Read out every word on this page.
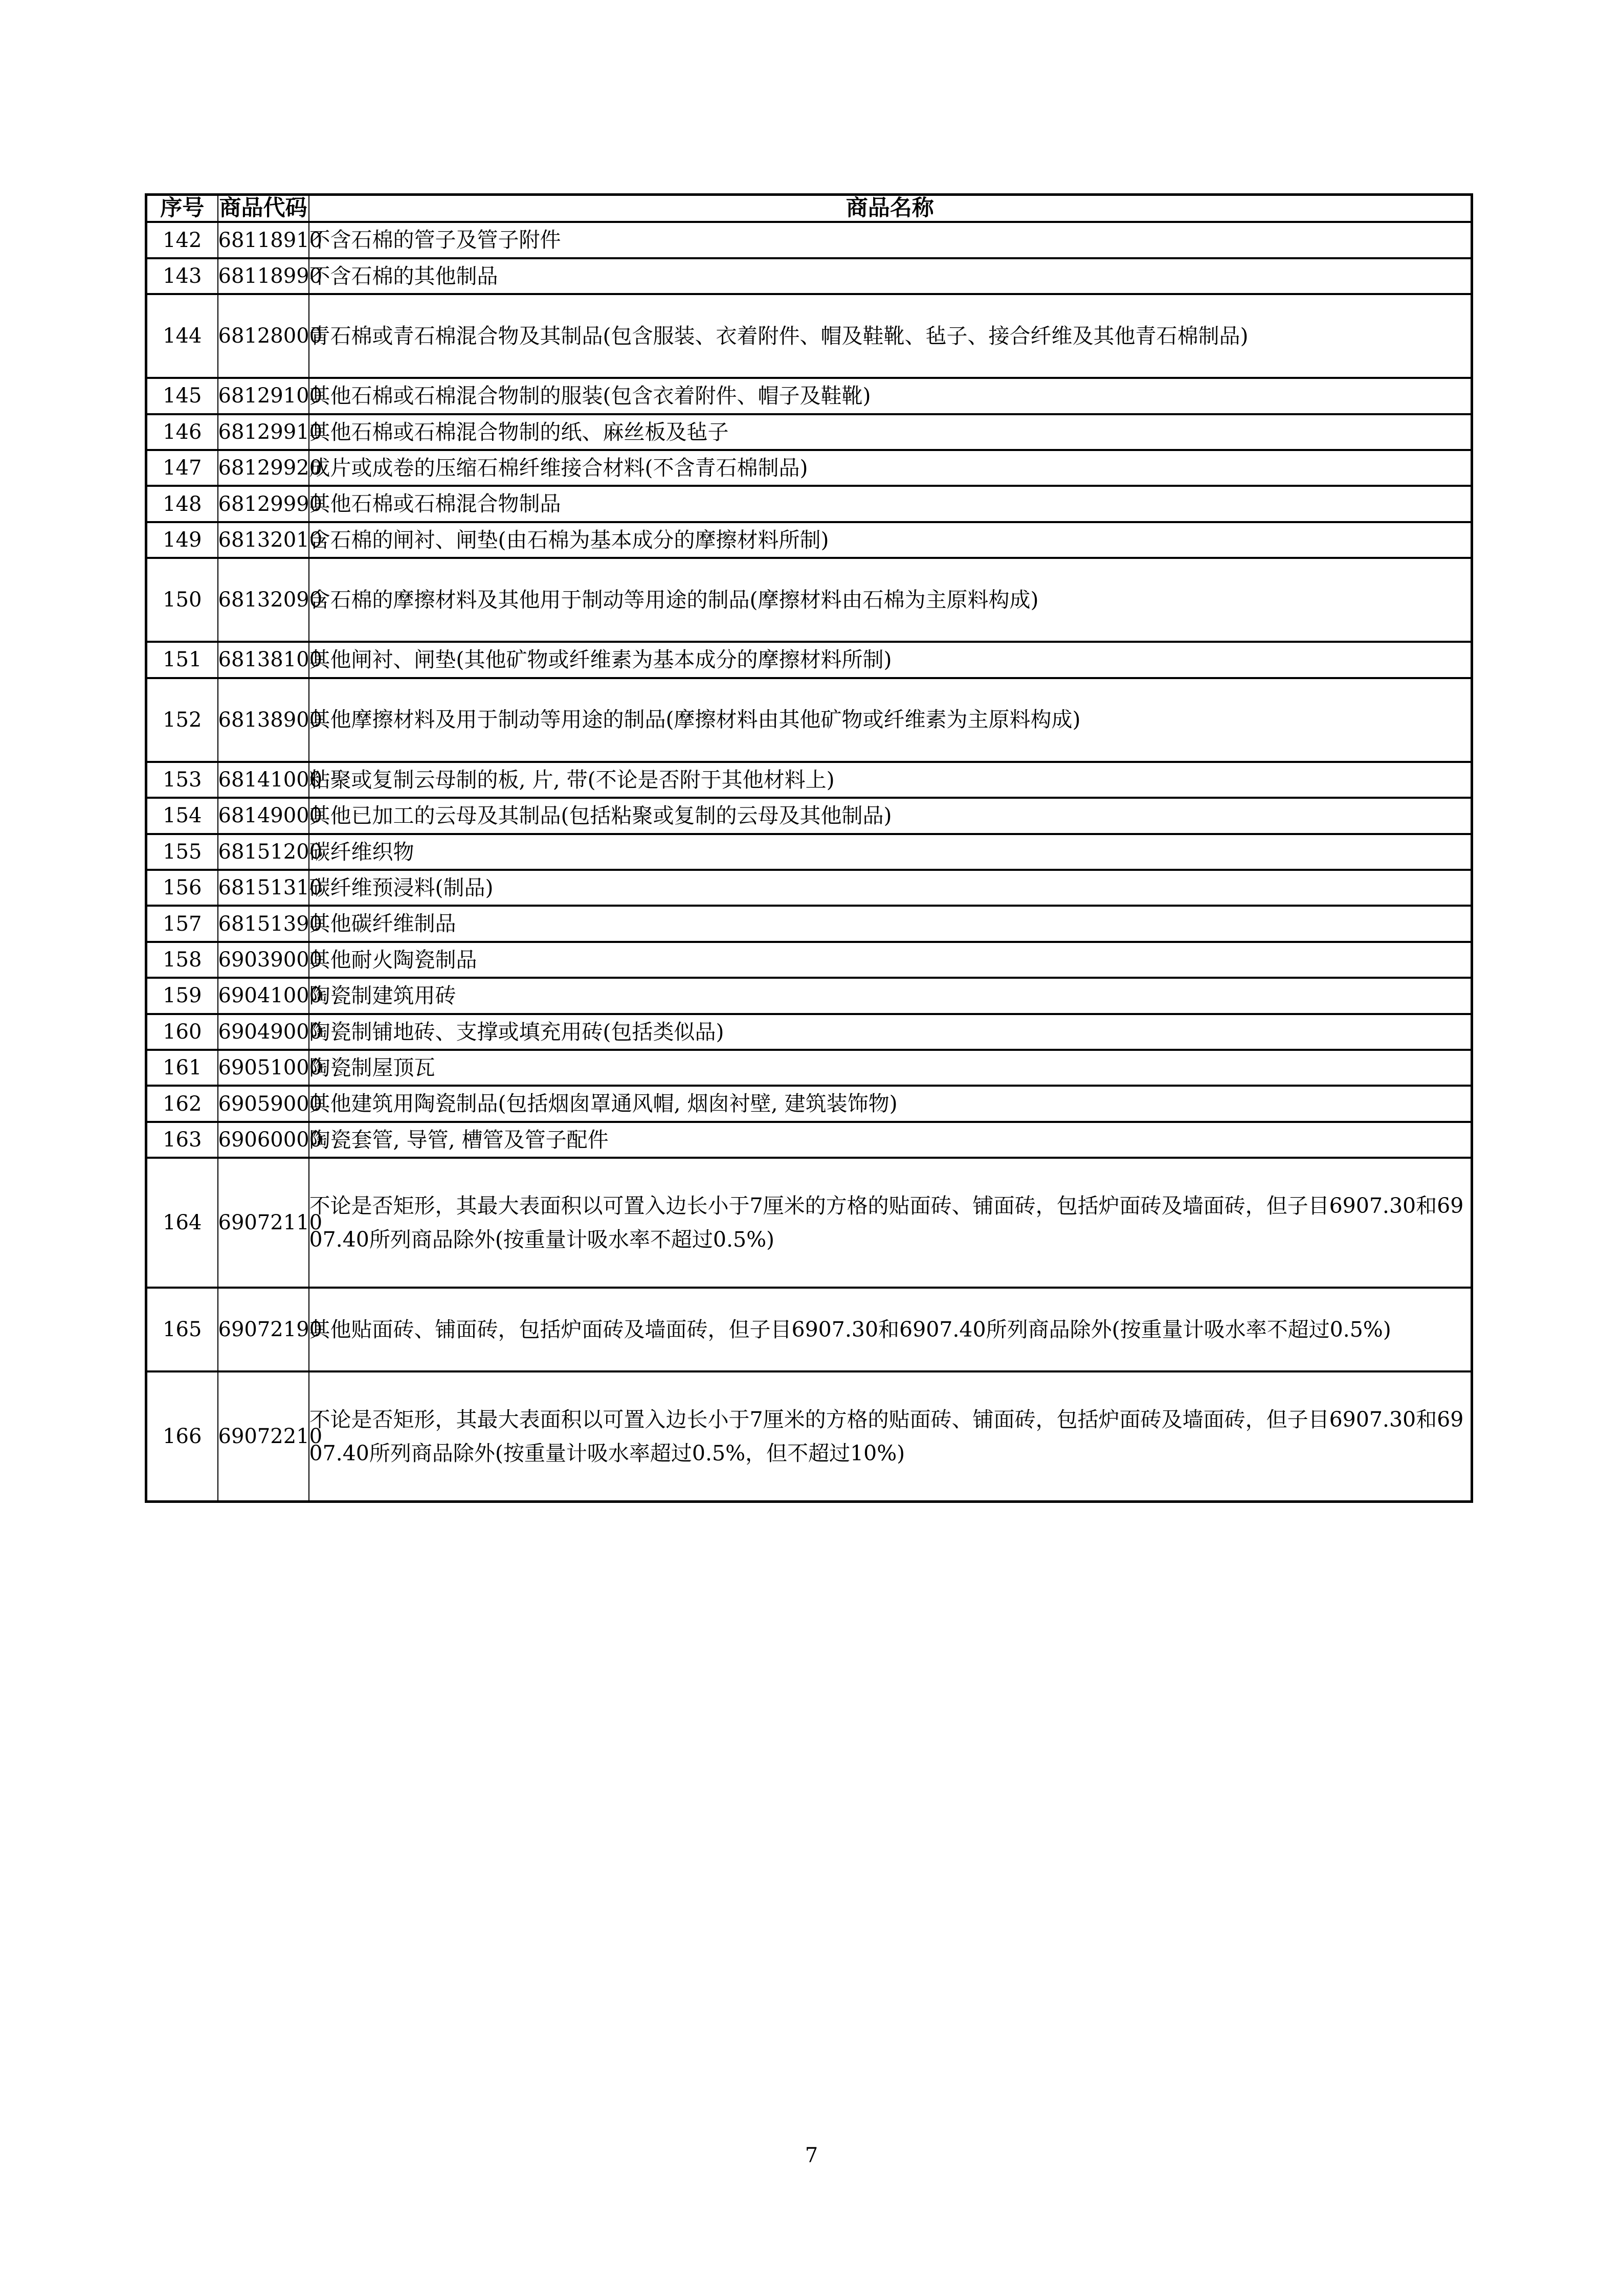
序号	商品代码	商品名称
142	68118910	不含石棉的管子及管子附件

143	68118990	不含石棉的其他制品

144	68128000	青石棉或青石棉混合物及其制品(包含服装、衣着附件、帽及鞋靴、毡子、接合纤维及其他青石棉制品)

145	68129100	其他石棉或石棉混合物制的服装(包含衣着附件、帽子及鞋靴)

146	68129910	其他石棉或石棉混合物制的纸、麻丝板及毡子

147	68129920	成片或成卷的压缩石棉纤维接合材料(不含青石棉制品)

148	68129990	其他石棉或石棉混合物制品

149	68132010	含石棉的闸衬、闸垫(由石棉为基本成分的摩擦材料所制)

150	68132090	含石棉的摩擦材料及其他用于制动等用途的制品(摩擦材料由石棉为主原料构成)

151	68138100	其他闸衬、闸垫(其他矿物或纤维素为基本成分的摩擦材料所制)

152	68138900	其他摩擦材料及用于制动等用途的制品(摩擦材料由其他矿物或纤维素为主原料构成)

153	68141000	粘聚或复制云母制的板, 片, 带(不论是否附于其他材料上)

154	68149000	其他已加工的云母及其制品(包括粘聚或复制的云母及其他制品)

155	68151200	碳纤维织物

156	68151310	碳纤维预浸料(制品)

157	68151390	其他碳纤维制品

158	69039000	其他耐火陶瓷制品

159	69041000	陶瓷制建筑用砖

160	69049000	陶瓷制铺地砖、支撑或填充用砖(包括类似品)

161	69051000	陶瓷制屋顶瓦

162	69059000	其他建筑用陶瓷制品(包括烟囱罩通风帽, 烟囱衬壁, 建筑装饰物)

163	69060000	陶瓷套管, 导管, 槽管及管子配件

164	69072110	不论是否矩形，其最大表面积以可置入边长小于7厘米的方格的贴面砖、铺面砖，包括炉面砖及墙面砖，但子目6907.30和6907.40所列商品除外(按重量计吸水率不超过0.5%)

165	69072190	其他贴面砖、铺面砖，包括炉面砖及墙面砖，但子目6907.30和6907.40所列商品除外(按重量计吸水率不超过0.5%)

166	69072210	不论是否矩形，其最大表面积以可置入边长小于7厘米的方格的贴面砖、铺面砖，包括炉面砖及墙面砖，但子目6907.30和6907.40所列商品除外(按重量计吸水率超过0.5%，但不超过10%)
7
